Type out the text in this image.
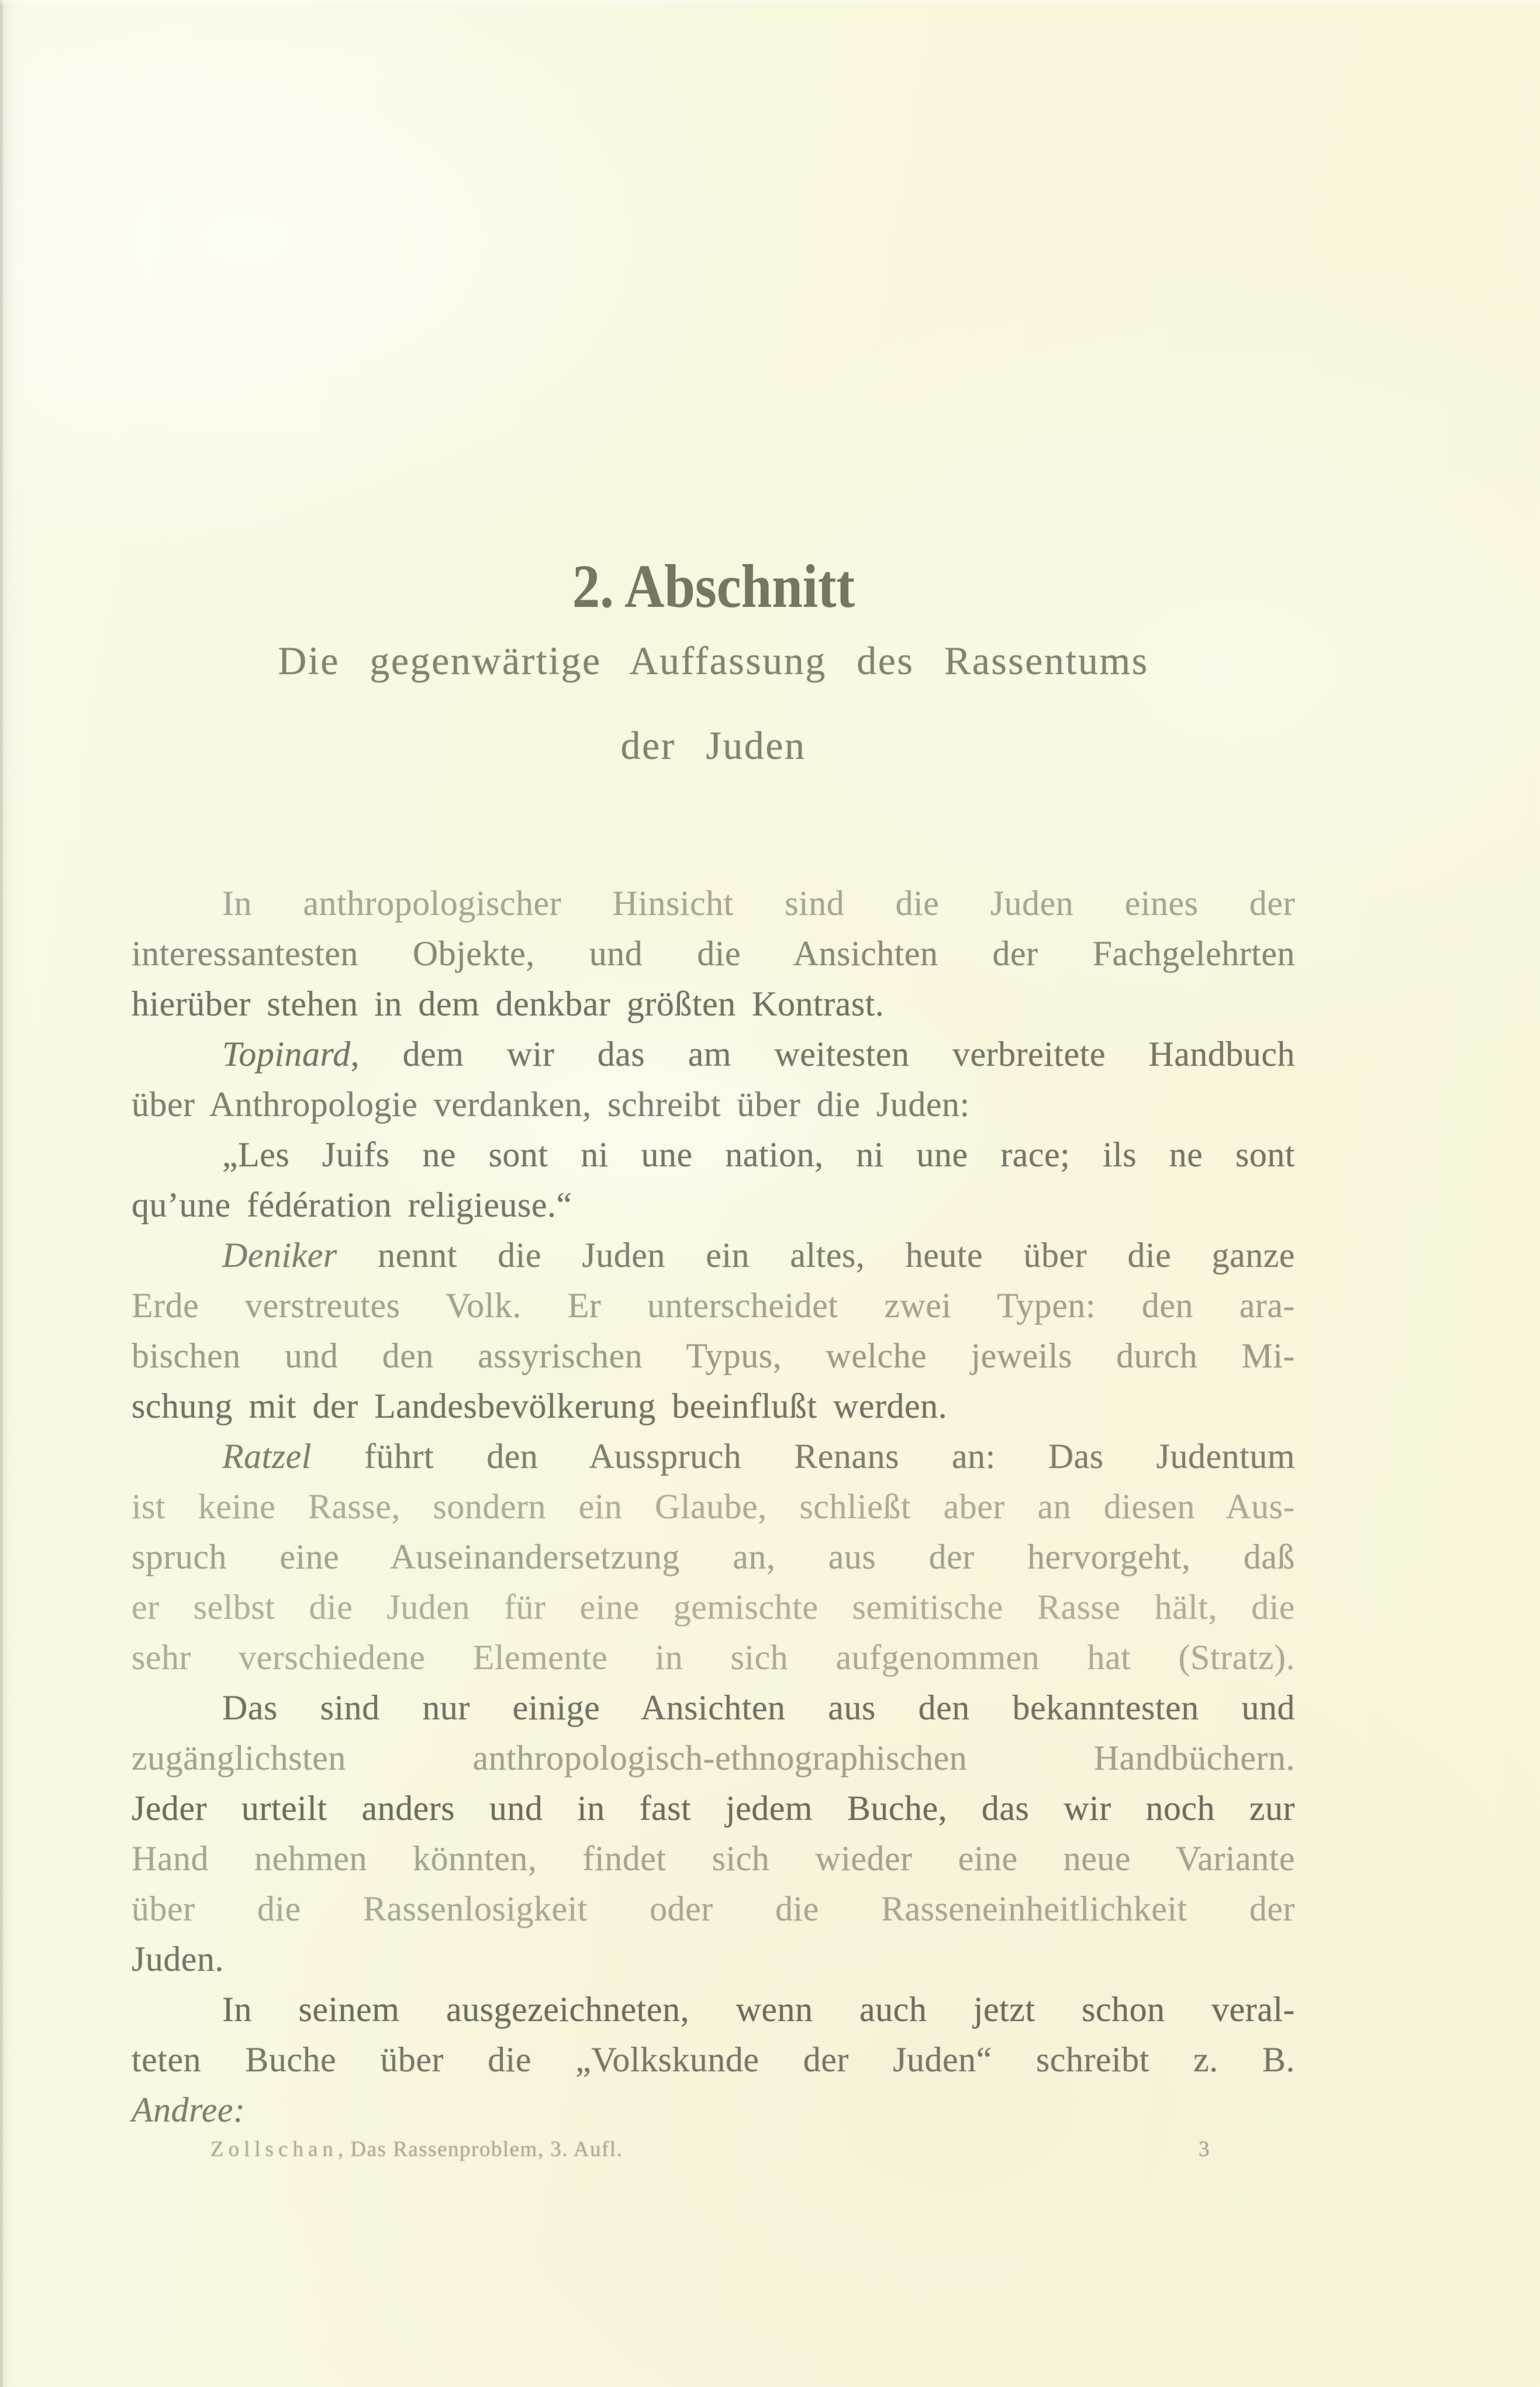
2. Abschnitt
Die gegenwärtige Auffassung des Rassentums
der Juden
In anthropologischer Hinsicht sind die Juden eines der
interessantesten Objekte, und die Ansichten der Fachgelehrten
hierüber stehen in dem denkbar größten Kontrast.
Topinard, dem wir das am weitesten verbreitete Handbuch
über Anthropologie verdanken, schreibt über die Juden:
„Les Juifs ne sont ni une nation, ni une race; ils ne sont
qu’une fédération religieuse.“
Deniker nennt die Juden ein altes, heute über die ganze
Erde verstreutes Volk. Er unterscheidet zwei Typen: den ara-
bischen und den assyrischen Typus, welche jeweils durch Mi-
schung mit der Landesbevölkerung beeinflußt werden.
Ratzel führt den Ausspruch Renans an: Das Judentum
ist keine Rasse, sondern ein Glaube, schließt aber an diesen Aus-
spruch eine Auseinandersetzung an, aus der hervorgeht, daß
er selbst die Juden für eine gemischte semitische Rasse hält, die
sehr verschiedene Elemente in sich aufgenommen hat (Stratz).
Das sind nur einige Ansichten aus den bekanntesten und
zugänglichsten anthropologisch-ethnographischen Handbüchern.
Jeder urteilt anders und in fast jedem Buche, das wir noch zur
Hand nehmen könnten, findet sich wieder eine neue Variante
über die Rassenlosigkeit oder die Rasseneinheitlichkeit der
Juden.
In seinem ausgezeichneten, wenn auch jetzt schon veral-
teten Buche über die „Volkskunde der Juden“ schreibt z. B.
Andree:
Zollschan, Das Rassenproblem, 3. Aufl.	3
